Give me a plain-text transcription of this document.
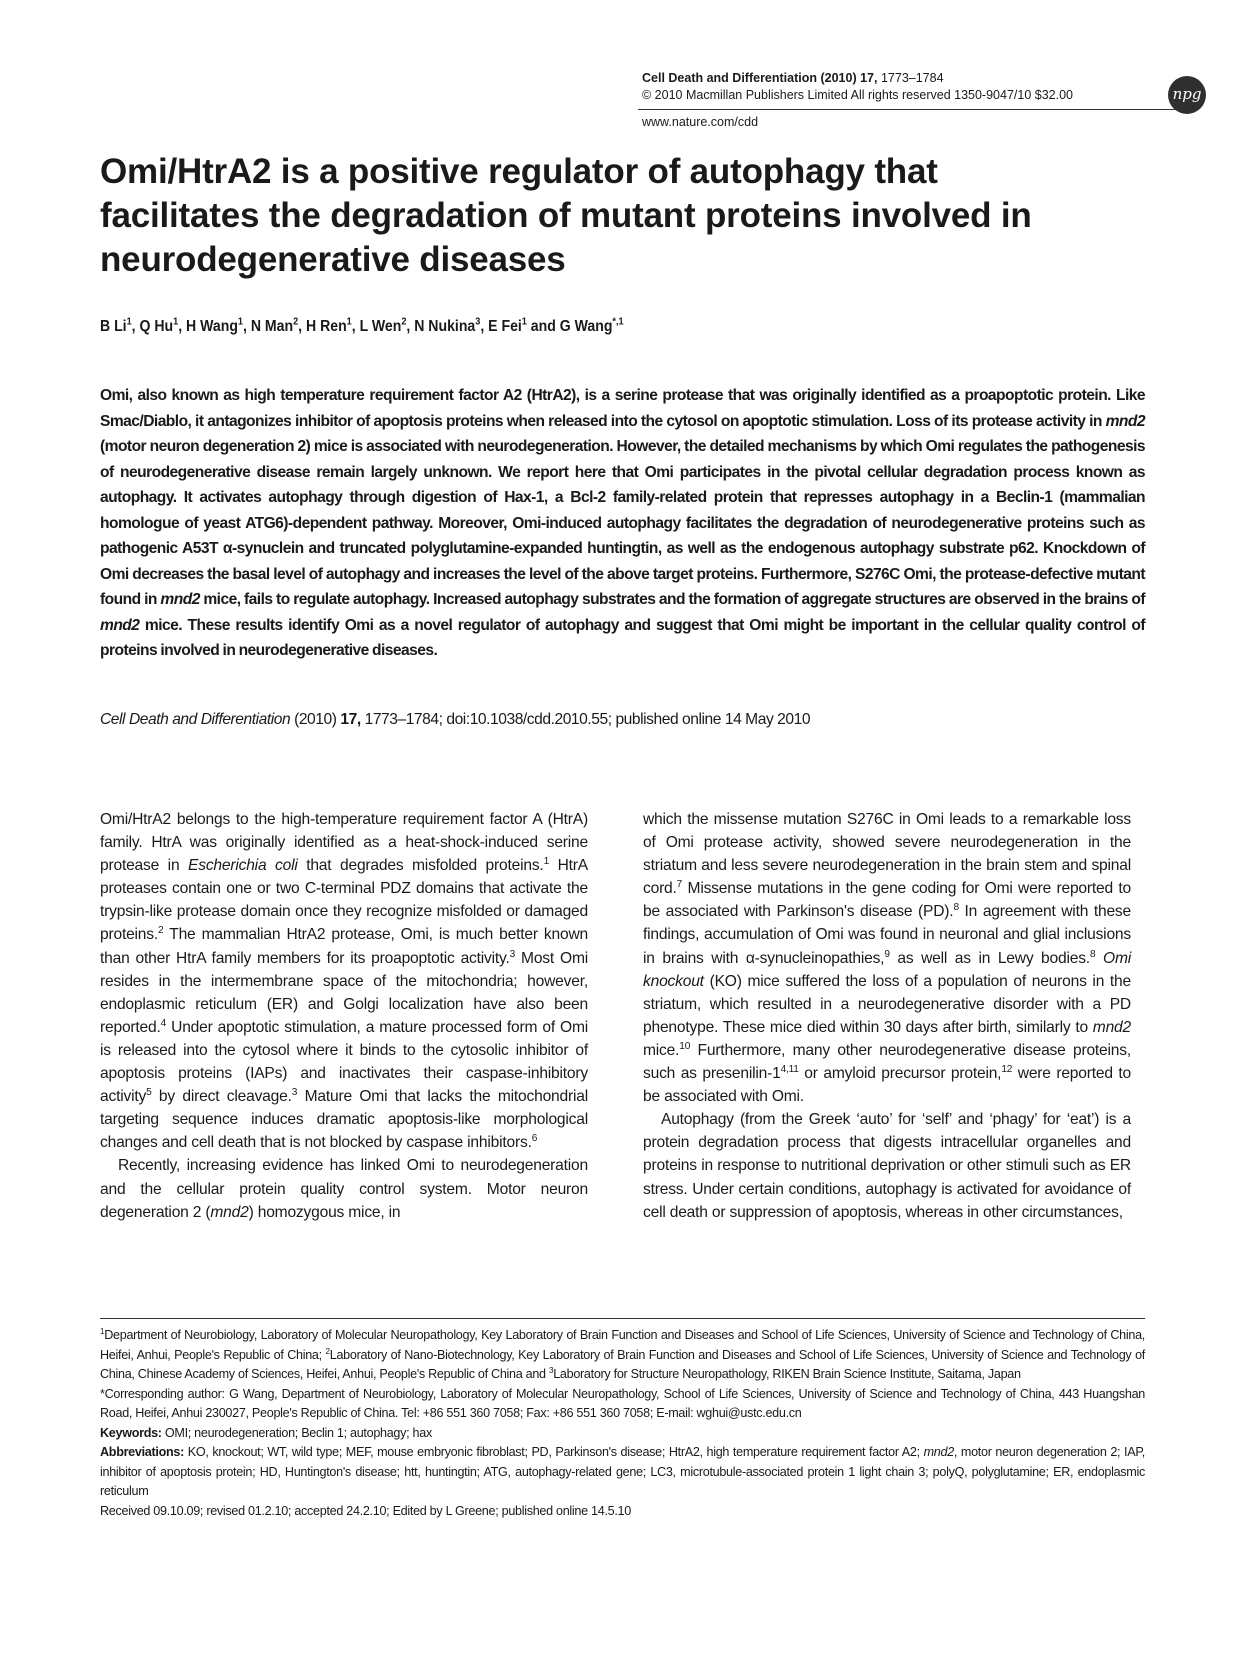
Cell Death and Differentiation (2010) 17, 1773–1784
© 2010 Macmillan Publishers Limited All rights reserved 1350-9047/10 $32.00
www.nature.com/cdd
npg
Omi/HtrA2 is a positive regulator of autophagy that facilitates the degradation of mutant proteins involved in neurodegenerative diseases
B Li$^1$, Q Hu$^1$, H Wang$^1$, N Man$^2$, H Ren$^1$, L Wen$^2$, N Nukina$^3$, E Fei$^1$ and G Wang$^{*,1}$

Omi, also known as high temperature requirement factor A2 (HtrA2), is a serine protease that was originally identified as a proapoptotic protein. Like Smac/Diablo, it antagonizes inhibitor of apoptosis proteins when released into the cytosol on apoptotic stimulation. Loss of its protease activity in mnd2 (motor neuron degeneration 2) mice is associated with neurodegeneration. However, the detailed mechanisms by which Omi regulates the pathogenesis of neurodegenerative disease remain largely unknown. We report here that Omi participates in the pivotal cellular degradation process known as autophagy. It activates autophagy through digestion of Hax-1, a Bcl-2 family-related protein that represses autophagy in a Beclin-1 (mammalian homologue of yeast ATG6)-dependent pathway. Moreover, Omi-induced autophagy facilitates the degradation of neurodegenerative proteins such as pathogenic A53T α-synuclein and truncated polyglutamine-expanded huntingtin, as well as the endogenous autophagy substrate p62. Knockdown of Omi decreases the basal level of autophagy and increases the level of the above target proteins. Furthermore, S276C Omi, the protease-defective mutant found in mnd2 mice, fails to regulate autophagy. Increased autophagy substrates and the formation of aggregate structures are observed in the brains of mnd2 mice. These results identify Omi as a novel regulator of autophagy and suggest that Omi might be important in the cellular quality control of proteins involved in neurodegenerative diseases.

Cell Death and Differentiation (2010) 17, 1773–1784; doi:10.1038/cdd.2010.55; published online 14 May 2010

Omi/HtrA2 belongs to the high-temperature requirement factor A (HtrA) family. HtrA was originally identified as a heat-shock-induced serine protease in Escherichia coli that degrades misfolded proteins.$^1$ HtrA proteases contain one or two C-terminal PDZ domains that activate the trypsin-like protease domain once they recognize misfolded or damaged proteins.$^2$ The mammalian HtrA2 protease, Omi, is much better known than other HtrA family members for its proapoptotic activity.$^3$ Most Omi resides in the intermembrane space of the mitochondria; however, endoplasmic reticulum (ER) and Golgi localization have also been reported.$^4$ Under apoptotic stimulation, a mature processed form of Omi is released into the cytosol where it binds to the cytosolic inhibitor of apoptosis proteins (IAPs) and inactivates their caspase-inhibitory activity$^5$ by direct cleavage.$^3$ Mature Omi that lacks the mitochondrial targeting sequence induces dramatic apoptosis-like morphological changes and cell death that is not blocked by caspase inhibitors.$^6$

Recently, increasing evidence has linked Omi to neurodegeneration and the cellular protein quality control system. Motor neuron degeneration 2 (mnd2) homozygous mice, in

which the missense mutation S276C in Omi leads to a remarkable loss of Omi protease activity, showed severe neurodegeneration in the striatum and less severe neurodegeneration in the brain stem and spinal cord.$^7$ Missense mutations in the gene coding for Omi were reported to be associated with Parkinson's disease (PD).$^8$ In agreement with these findings, accumulation of Omi was found in neuronal and glial inclusions in brains with α-synucleinopathies,$^9$ as well as in Lewy bodies.$^8$ Omi knockout (KO) mice suffered the loss of a population of neurons in the striatum, which resulted in a neurodegenerative disorder with a PD phenotype. These mice died within 30 days after birth, similarly to mnd2 mice.$^{10}$ Furthermore, many other neurodegenerative disease proteins, such as presenilin-1$^{4,11}$ or amyloid precursor protein,$^{12}$ were reported to be associated with Omi.

Autophagy (from the Greek ‘auto’ for ‘self’ and ‘phagy’ for ‘eat’) is a protein degradation process that digests intracellular organelles and proteins in response to nutritional deprivation or other stimuli such as ER stress. Under certain conditions, autophagy is activated for avoidance of cell death or suppression of apoptosis, whereas in other circumstances,

$^1$Department of Neurobiology, Laboratory of Molecular Neuropathology, Key Laboratory of Brain Function and Diseases and School of Life Sciences, University of Science and Technology of China, Heifei, Anhui, People's Republic of China; $^2$Laboratory of Nano-Biotechnology, Key Laboratory of Brain Function and Diseases and School of Life Sciences, University of Science and Technology of China, Chinese Academy of Sciences, Heifei, Anhui, People's Republic of China and $^3$Laboratory for Structure Neuropathology, RIKEN Brain Science Institute, Saitama, Japan

*Corresponding author: G Wang, Department of Neurobiology, Laboratory of Molecular Neuropathology, School of Life Sciences, University of Science and Technology of China, 443 Huangshan Road, Heifei, Anhui 230027, People's Republic of China. Tel: +86 551 360 7058; Fax: +86 551 360 7058; E-mail: wghui@ustc.edu.cn

Keywords: OMI; neurodegeneration; Beclin 1; autophagy; hax

Abbreviations: KO, knockout; WT, wild type; MEF, mouse embryonic fibroblast; PD, Parkinson's disease; HtrA2, high temperature requirement factor A2; mnd2, motor neuron degeneration 2; IAP, inhibitor of apoptosis protein; HD, Huntington's disease; htt, huntingtin; ATG, autophagy-related gene; LC3, microtubule-associated protein 1 light chain 3; polyQ, polyglutamine; ER, endoplasmic reticulum

Received 09.10.09; revised 01.2.10; accepted 24.2.10; Edited by L Greene; published online 14.5.10
